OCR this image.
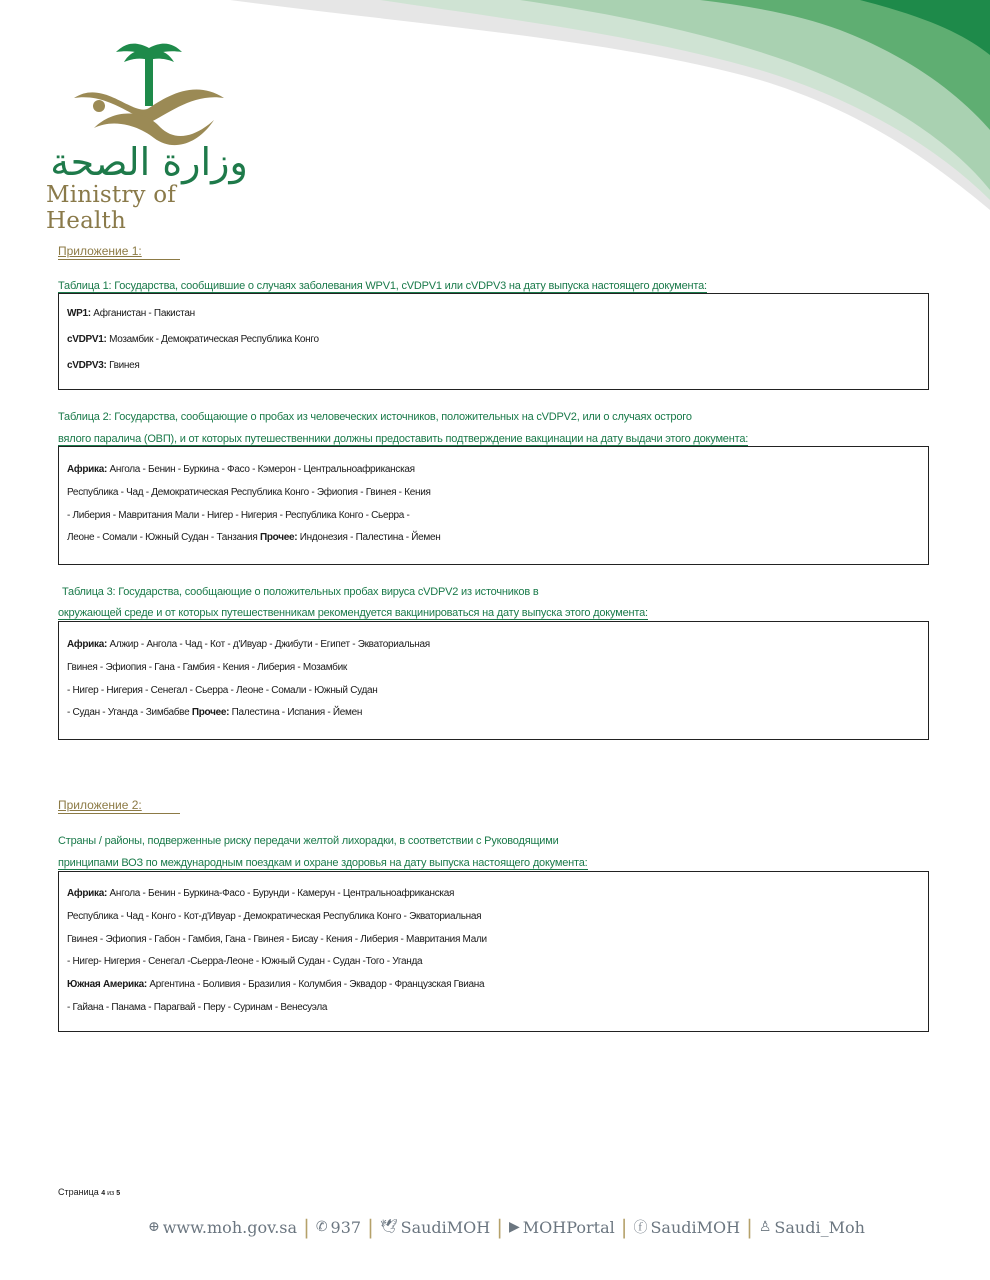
وزارة الصحة
Ministry of Health
Приложение 1:
Таблица 1: Государства, сообщившие о случаях заболевания WPV1, cVDPV1 или cVDPV3 на дату выпуска настоящего документа:
WP1: Афганистан - Пакистан
cVDPV1: Мозамбик - Демократическая Республика Конго
cVDPV3: Гвинея
Таблица 2: Государства, сообщающие о пробах из человеческих источников, положительных на cVDPV2, или о случаях острого
вялого паралича (ОВП), и от которых путешественники должны предоставить подтверждение вакцинации на дату выдачи этого документа:
Африка: Ангола - Бенин - Буркина - Фасо - Кэмерон - Центральноафриканская
Республика - Чад - Демократическая Республика Конго - Эфиопия - Гвинея - Кения
- Либерия - Мавритания Мали - Нигер - Нигерия - Республика Конго - Сьерра -
Леоне - Сомали - Южный Судан - Танзания Прочее: Индонезия - Палестина - Йемен
Таблица 3: Государства, сообщающие о положительных пробах вируса cVDPV2 из источников в
окружающей среде и от которых путешественникам рекомендуется вакцинироваться на дату выпуска этого документа:
Африка: Алжир - Ангола - Чад - Кот - д'Ивуар - Джибути - Египет - Экваториальная
Гвинея - Эфиопия - Гана - Гамбия - Кения - Либерия - Мозамбик
- Нигер - Нигерия - Сенегал - Сьерра - Леоне - Сомали - Южный Судан
- Судан - Уганда - Зимбабве Прочее: Палестина - Испания - Йемен
Приложение 2:
Страны / районы, подверженные риску передачи желтой лихорадки, в соответствии с Руководящими
принципами ВОЗ по международным поездкам и охране здоровья на дату выпуска настоящего документа:
Африка: Ангола - Бенин - Буркина-Фасо - Бурунди - Камерун - Центральноафриканская
Республика - Чад - Конго - Кот-д'Ивуар - Демократическая Республика Конго - Экваториальная
Гвинея - Эфиопия - Габон - Гамбия, Гана - Гвинея - Бисау - Кения - Либерия - Мавритания Мали
- Нигер- Нигерия - Сенегал -Сьерра-Леоне - Южный Судан - Судан -Того - Уганда
Южная Америка: Аргентина - Боливия - Бразилия - Колумбия - Эквадор - Французская Гвиана
- Гайана - Панама - Парагвай - Перу - Суринам - Венесуэла
Страница 4 из 5
⊕ www.moh.gov.sa | ✆ 937 | 🕊 SaudiMOH | ▶ MOHPortal | ⓕ SaudiMOH | ♙ Saudi_Moh
